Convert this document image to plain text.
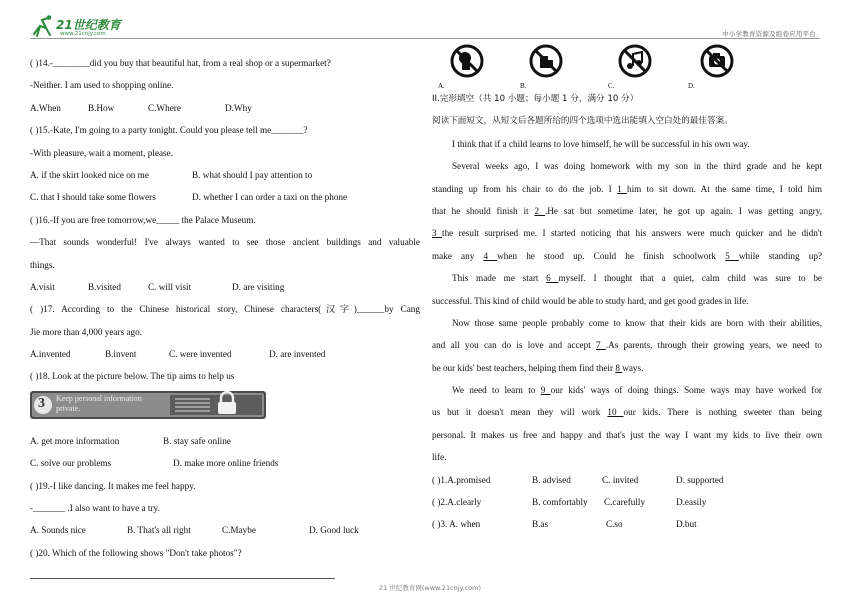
21世纪教育
www.21cnjy.com	中小学教育资源及组卷应用平台
( )14.-________did you buy that beautiful hat, from a real shop or a supermarket?
-Neither. I am used to shopping online.
A.When	B.How	C.Where	D.Why
( )15.-Kate, I'm going to a party tonight. Could you please tell me_______?
-With pleasure, wait a moment, please.
A. if the skirt looked nice on me	B. what should I pay attention to
C. that I should take some flowers	D. whether I can order a taxi on the phone
( )16.-If you are free tomorrow,we_____ the Palace Museum.
—That sounds wonderful! I've always wanted to see those ancient buildings and valuable
things.
A.visit	B.visited	C. will visit	D. are visiting
( )17. According to the Chinese historical story, Chinese characters(汉字)______by Cang
Jie more than 4,000 years ago.
A.invented	B.invent	C. were invented	D. are invented
( )18. Look at the picture below. The tip aims to help us
3 Keep personal information private.
A. get more information	B. stay safe online
C. solve our problems	D. make more online friends
( )19.-I like dancing. It makes me feel happy.
-_______ .I also want to have a try.
A. Sounds nice	B. That's all right	C.Maybe	D. Good luck
( )20. Which of the following shows "Don't take photos"?
A.	B.	C.	D.
II.完形填空（共 10 小题；每小题 1 分，满分 10 分）
阅读下面短文，从短文后各题所给的四个选项中选出能填入空白处的最佳答案。
I think that if a child learns to love himself, he will be successful in his own way.
Several weeks ago, I was doing homework with my son in the third grade and he kept
standing up from his chair to do the job. I 1 him to sit down. At the same time, I told him
that he should finish it 2 .He sat but sometime later, he got up again. I was getting angry,
3 the result surprised me. I started noticing that his answers were much quicker and he didn't
make any 4 when he stood up. Could he finish schoolwork 5 while standing up?
This made me start 6 myself. I thought that a quiet, calm child was sure to be
successful. This kind of child would be able to study hard, and get good grades in life.
Now those same people probably come to know that their kids are born with their abilities,
and all you can do is love and accept 7 .As parents, through their growing years, we need to
be our kids' best teachers, helping them find their 8 ways.
We need to learn to 9 our kids' ways of doing things. Some ways may have worked for
us but it doesn't mean they will work 10 our kids. There is nothing sweeter than being
personal. It makes us free and happy and that's just the way I want my kids to live their own
life.
( )1.A.promised	B. advised	C. invited	D. supported
( )2.A.clearly	B. comfortably C.carefully	D.easily
( )3. A. when	B.as	C.so	D.but
21 世纪教育网(www.21cnjy.com)
